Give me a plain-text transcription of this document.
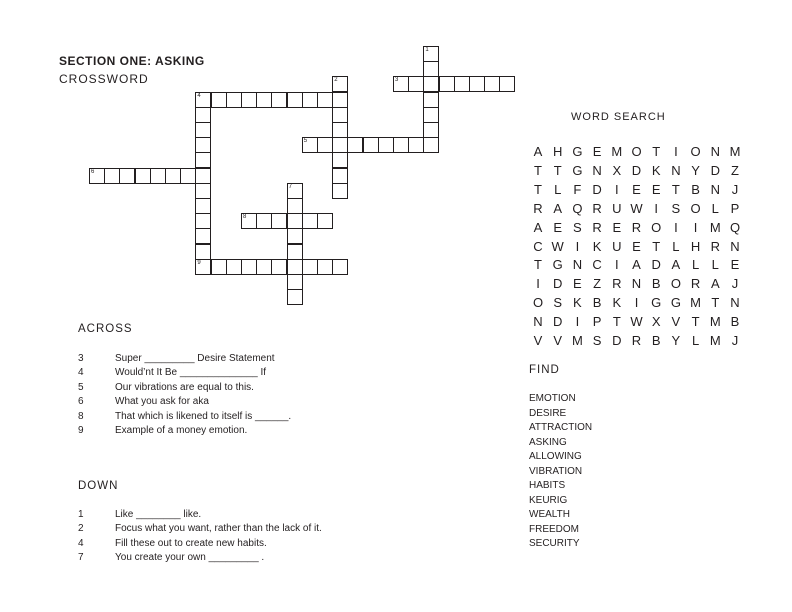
SECTION ONE: ASKING
CROSSWORD
1
2	3
4
9
5
6
7
8
WORD SEARCH
A H G E M O T	I O N M
T T G N X D K N Y D Z
T L F D	I	E E T B N J
R A Q R U W I	S O L P
A E S R E R O I	I M Q
C W I	K U E T L H R N
T G N C	I	A D A L L E
I	D E Z R N B O R A J
O S K B K	I G G M T N
N D	I	P T W X V T M B
V V M S D R B Y L M J
ACROSS
3	Super _________ Desire Statement
4	Would’nt It Be ______________ If
5	Our vibrations are equal to this.
6	What you ask for aka
8	That which is likened to itself is ______.
9	Example of a money emotion.
DOWN
1	Like ________ like.
2	Focus what you want, rather than the lack of it.
4	Fill these out to create new habits.
7	You create your own _________ .
FIND
EMOTION
DESIRE
ATTRACTION
ASKING
ALLOWING
VIBRATION
HABITS
KEURIG
WEALTH
FREEDOM
SECURITY
